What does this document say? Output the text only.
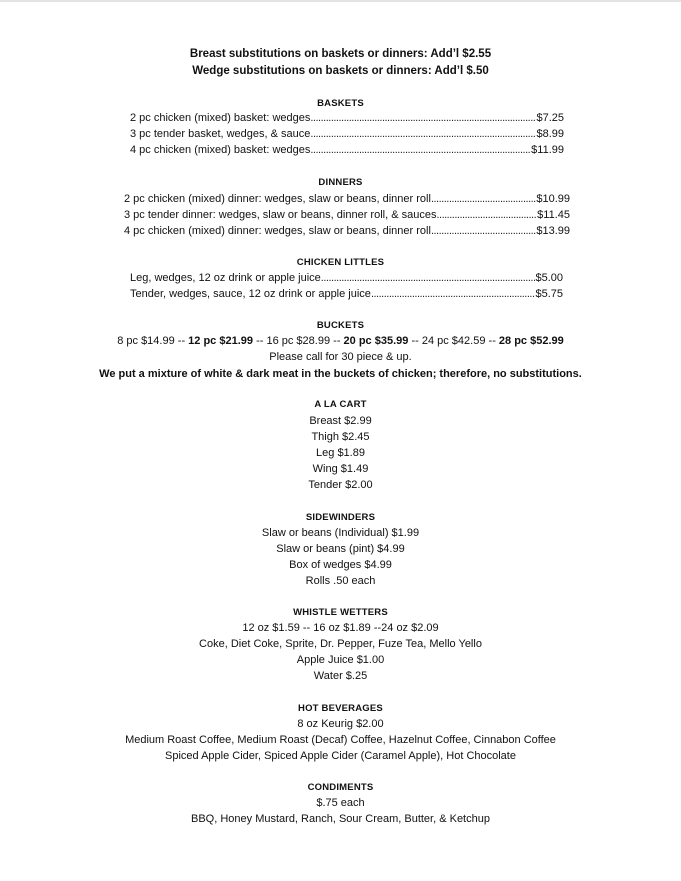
Breast substitutions on baskets or dinners: Add’l $2.55
Wedge substitutions on baskets or dinners: Add’l $.50
BASKETS
2 pc chicken (mixed) basket: wedges .....	$7.25
3 pc tender basket, wedges, & sauce .....	$8.99
4 pc chicken (mixed) basket: wedges .....	$11.99
DINNERS
2 pc chicken (mixed) dinner: wedges, slaw or beans, dinner roll .....	$10.99
3 pc tender dinner: wedges, slaw or beans, dinner roll, & sauces .....	$11.45
4 pc chicken (mixed) dinner: wedges, slaw or beans, dinner roll .....	$13.99
CHICKEN LITTLES
Leg, wedges, 12 oz drink or apple juice .....	$5.00
Tender, wedges, sauce, 12 oz drink or apple juice .....	$5.75
BUCKETS
8 pc $14.99 -- 12 pc $21.99 -- 16 pc $28.99 -- 20 pc $35.99 -- 24 pc $42.59 -- 28 pc $52.99
Please call for 30 piece & up.
We put a mixture of white & dark meat in the buckets of chicken; therefore, no substitutions.
A LA CART
Breast $2.99
Thigh $2.45
Leg $1.89
Wing $1.49
Tender $2.00
SIDEWINDERS
Slaw or beans (Individual) $1.99
Slaw or beans (pint) $4.99
Box of wedges $4.99
Rolls .50 each
WHISTLE WETTERS
12 oz $1.59 -- 16 oz $1.89 --24 oz $2.09
Coke, Diet Coke, Sprite, Dr. Pepper, Fuze Tea, Mello Yello
Apple Juice $1.00
Water $.25
HOT BEVERAGES
8 oz Keurig $2.00
Medium Roast Coffee, Medium Roast (Decaf) Coffee, Hazelnut Coffee, Cinnabon Coffee
Spiced Apple Cider, Spiced Apple Cider (Caramel Apple), Hot Chocolate
CONDIMENTS
$.75 each
BBQ, Honey Mustard, Ranch, Sour Cream, Butter, & Ketchup
